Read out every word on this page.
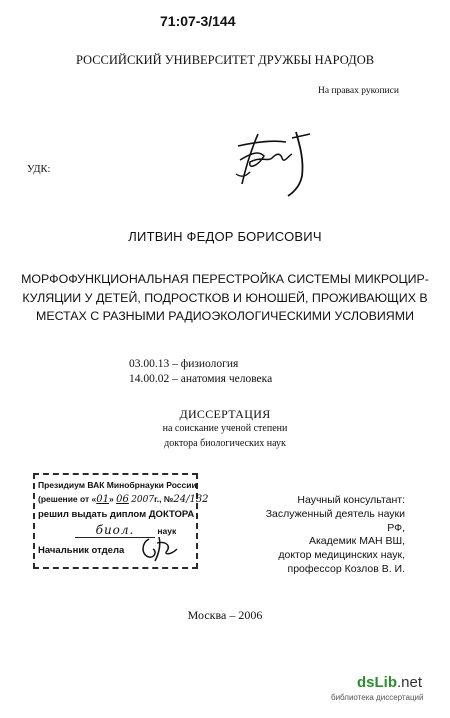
71:07-3/144
РОССИЙСКИЙ УНИВЕРСИТЕТ ДРУЖБЫ НАРОДОВ
На правах рукописи
УДК:
ЛИТВИН ФЕДОР БОРИСОВИЧ
МОРФОФУНКЦИОНАЛЬНАЯ ПЕРЕСТРОЙКА СИСТЕМЫ МИКРОЦИР-
КУЛЯЦИИ У ДЕТЕЙ, ПОДРОСТКОВ И ЮНОШЕЙ, ПРОЖИВАЮЩИХ В
МЕСТАХ С РАЗНЫМИ РАДИОЭКОЛОГИЧЕСКИМИ УСЛОВИЯМИ
03.00.13 – физиология
14.00.02 – анатомия человека
ДИССЕРТАЦИЯ
на соискание ученой степени
доктора биологических наук
Президиум ВАК Минобрнауки России
(решение от «01» 06 2007г., №24/132
решил выдать диплом ДОКТОРА
биол.	наук
Начальник отдела
Научный консультант:
Заслуженный деятель науки РФ,
Академик МАН ВШ,
доктор медицинских наук,
профессор Козлов В. И.
Москва – 2006
dsLib.net
библиотека диссертаций
